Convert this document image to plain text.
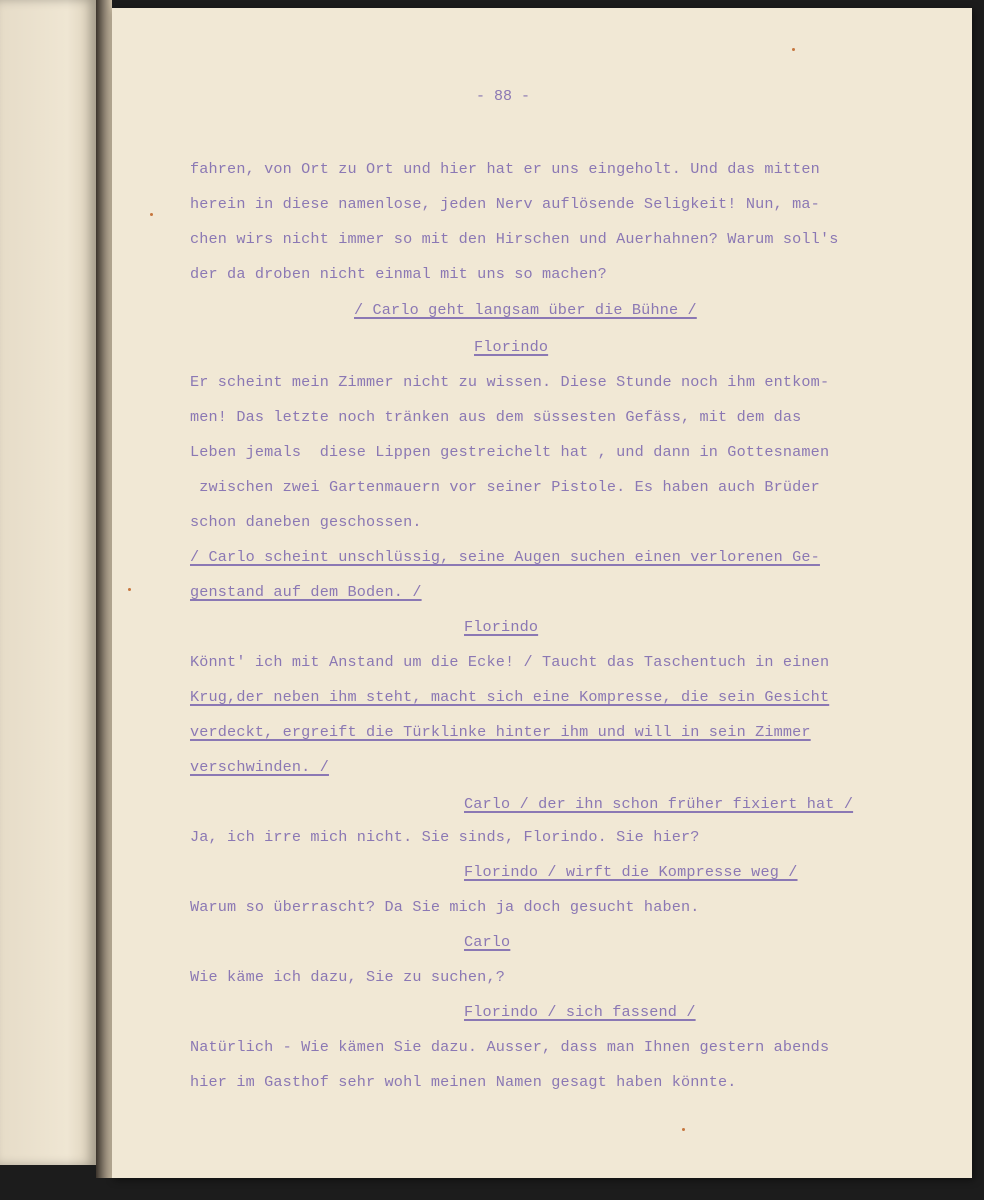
- 88 -
fahren, von Ort zu Ort und hier hat er uns eingeholt. Und das mitten
herein in diese namenlose, jeden Nerv auflösende Seligkeit! Nun, ma-
chen wirs nicht immer so mit den Hirschen und Auerhahnen? Warum soll's
der da droben nicht einmal mit uns so machen?
/ Carlo geht langsam über die Bühne /
Florindo
Er scheint mein Zimmer nicht zu wissen. Diese Stunde noch ihm entkom-
men! Das letzte noch tränken aus dem süssesten Gefäss, mit dem das
Leben jemals  diese Lippen gestreichelt hat , und dann in Gottesnamen
zwischen zwei Gartenmauern vor seiner Pistole. Es haben auch Brüder
schon daneben geschossen.
/ Carlo scheint unschlüssig, seine Augen suchen einen verlorenen Ge-
genstand auf dem Boden. /
Florindo
Könnt' ich mit Anstand um die Ecke! / Taucht das Taschentuch in einen
Krug,der neben ihm steht, macht sich eine Kompresse, die sein Gesicht
verdeckt, ergreift die Türklinke hinter ihm und will in sein Zimmer
verschwinden. /
Carlo / der ihn schon früher fixiert hat /
Ja, ich irre mich nicht. Sie sinds, Florindo. Sie hier?
Florindo / wirft die Kompresse weg /
Warum so überrascht? Da Sie mich ja doch gesucht haben.
Carlo
Wie käme ich dazu, Sie zu suchen,?
Florindo / sich fassend /
Natürlich - Wie kämen Sie dazu. Ausser, dass man Ihnen gestern abends
hier im Gasthof sehr wohl meinen Namen gesagt haben könnte.
